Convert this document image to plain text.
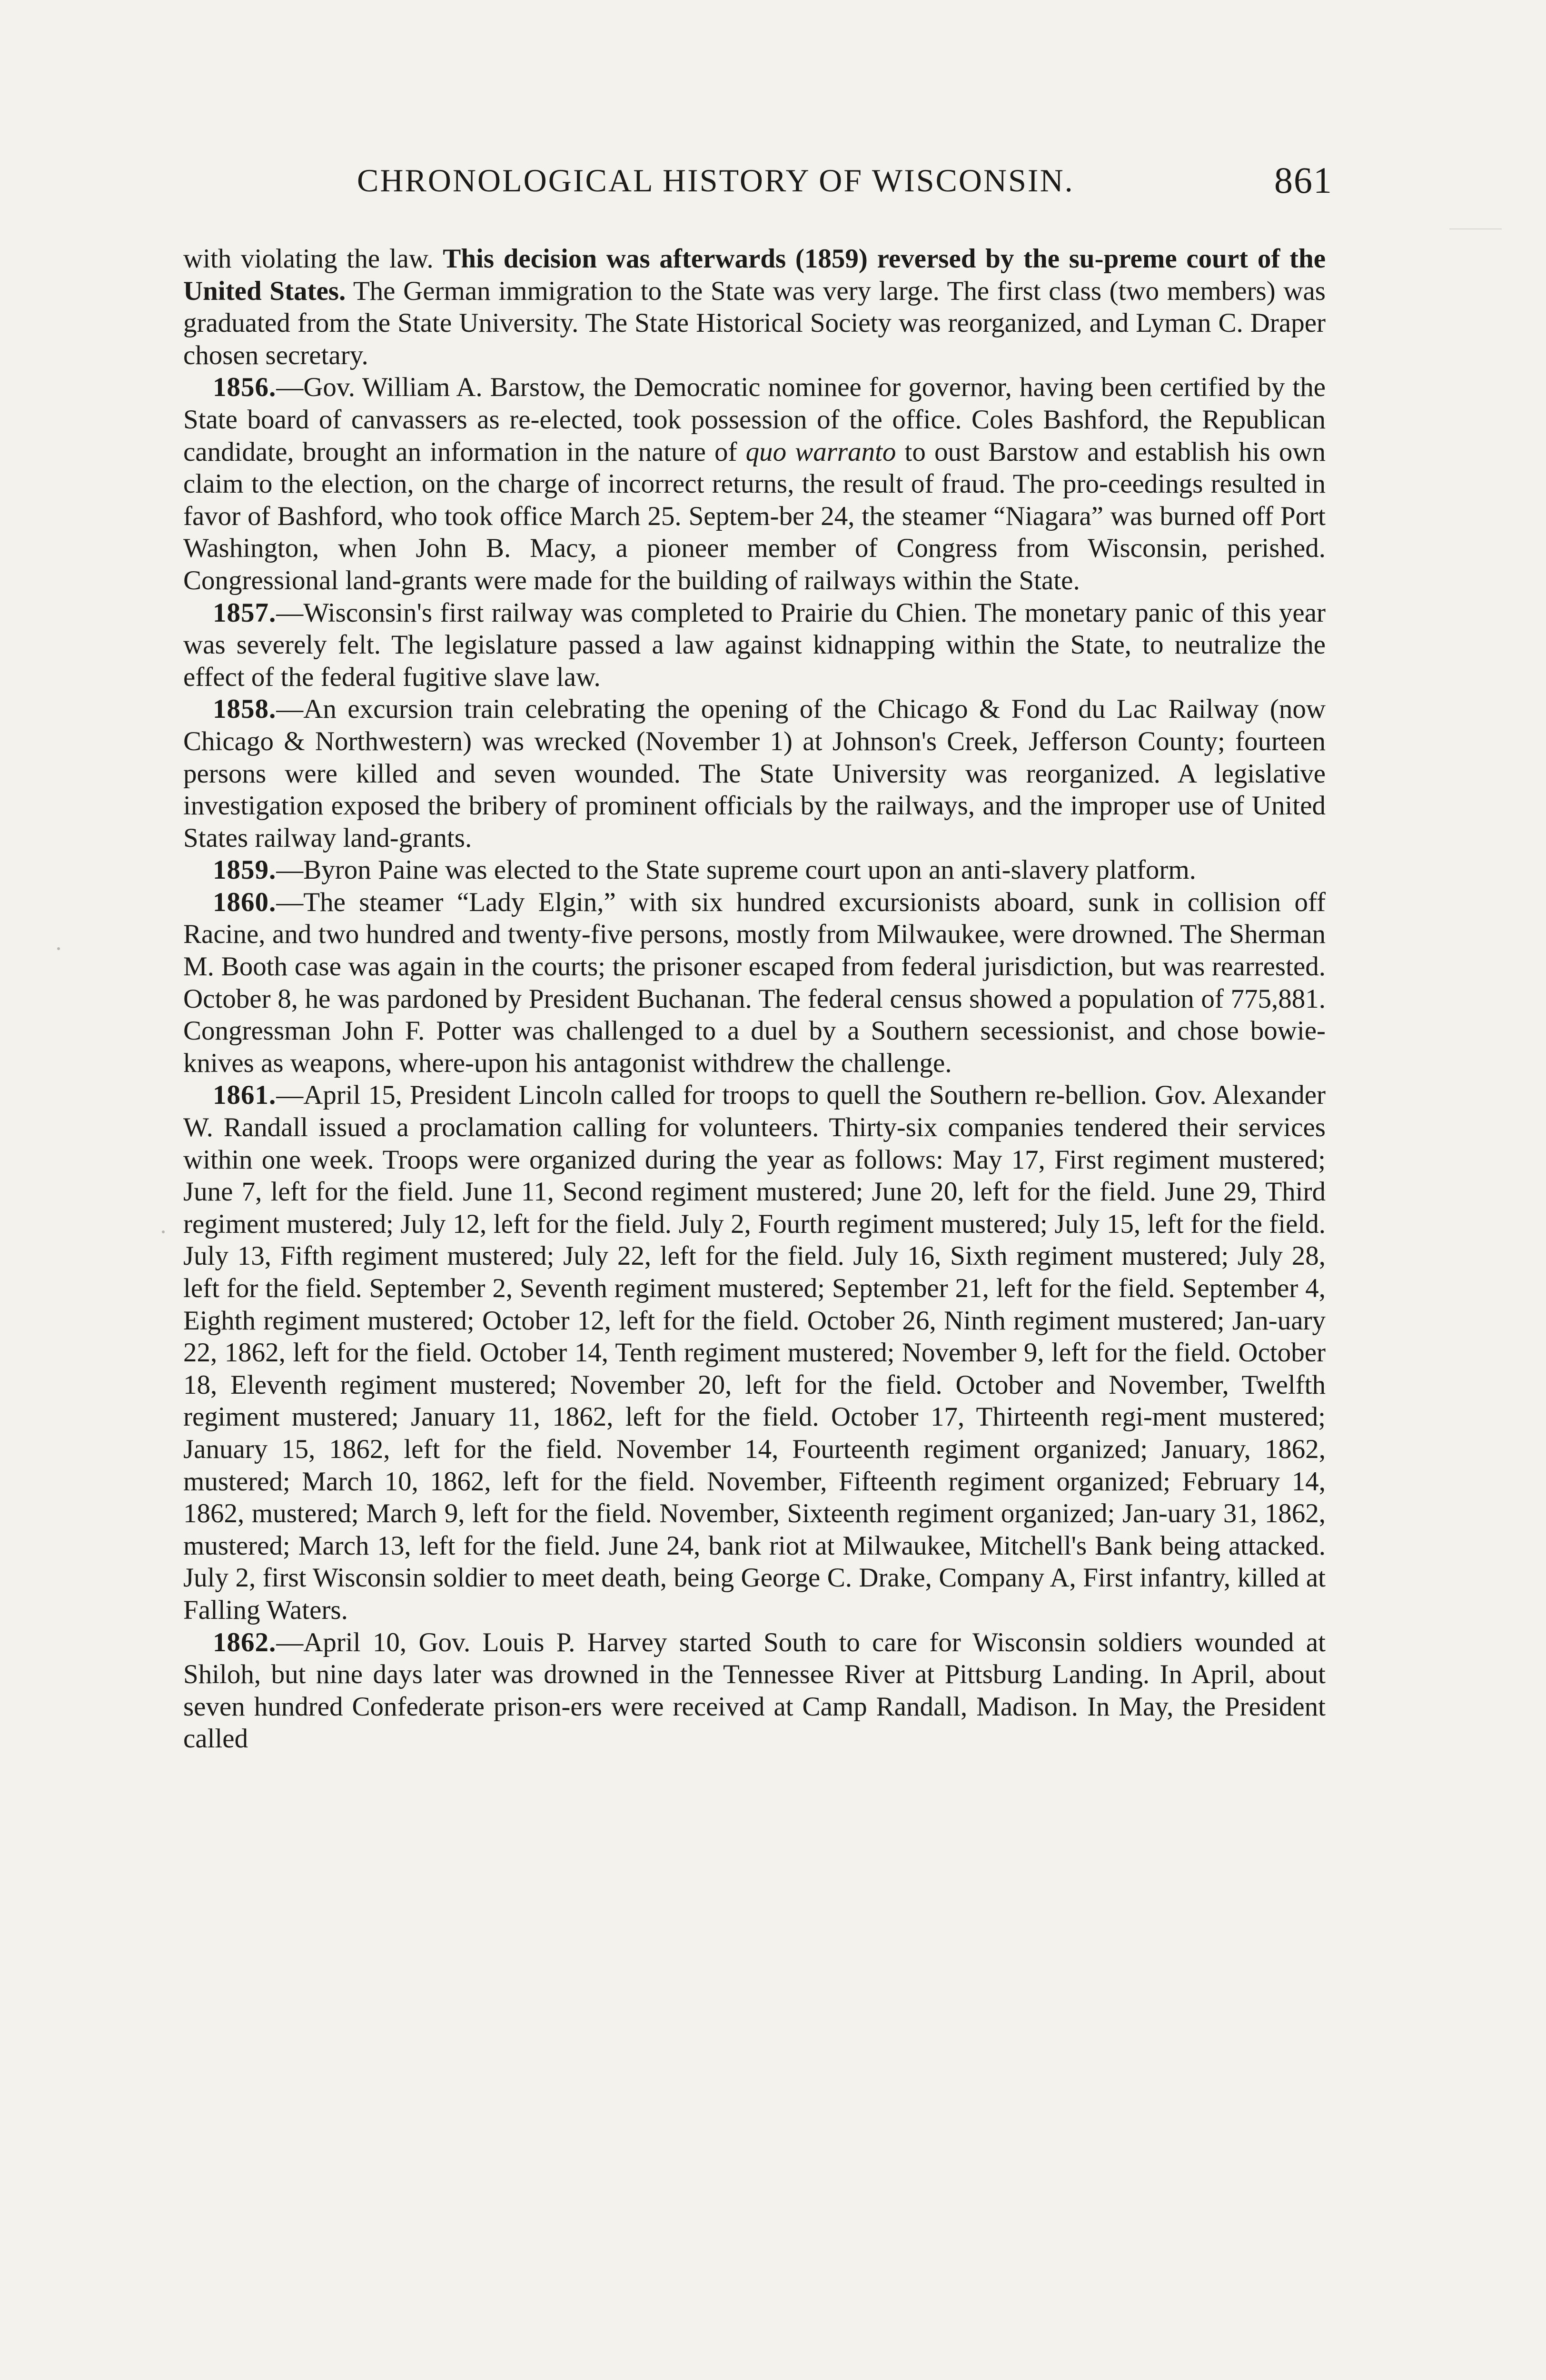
CHRONOLOGICAL HISTORY OF WISCONSIN.	861

with violating the law. This decision was afterwards (1859) reversed by the su-preme court of the United States. The German immigration to the State was very large. The first class (two members) was graduated from the State University. The State Historical Society was reorganized, and Lyman C. Draper chosen secretary.

1856.—Gov. William A. Barstow, the Democratic nominee for governor, having been certified by the State board of canvassers as re-elected, took possession of the office. Coles Bashford, the Republican candidate, brought an information in the nature of quo warranto to oust Barstow and establish his own claim to the election, on the charge of incorrect returns, the result of fraud. The pro-ceedings resulted in favor of Bashford, who took office March 25. Septem-ber 24, the steamer “Niagara” was burned off Port Washington, when John B. Macy, a pioneer member of Congress from Wisconsin, perished. Congressional land-grants were made for the building of railways within the State.

1857.—Wisconsin's first railway was completed to Prairie du Chien. The monetary panic of this year was severely felt. The legislature passed a law against kidnapping within the State, to neutralize the effect of the federal fugitive slave law.

1858.—An excursion train celebrating the opening of the Chicago & Fond du Lac Railway (now Chicago & Northwestern) was wrecked (November 1) at Johnson's Creek, Jefferson County; fourteen persons were killed and seven wounded. The State University was reorganized. A legislative investigation exposed the bribery of prominent officials by the railways, and the improper use of United States railway land-grants.

1859.—Byron Paine was elected to the State supreme court upon an anti-slavery platform.

1860.—The steamer “Lady Elgin,” with six hundred excursionists aboard, sunk in collision off Racine, and two hundred and twenty-five persons, mostly from Milwaukee, were drowned. The Sherman M. Booth case was again in the courts; the prisoner escaped from federal jurisdiction, but was rearrested. October 8, he was pardoned by President Buchanan. The federal census showed a population of 775,881. Congressman John F. Potter was challenged to a duel by a Southern secessionist, and chose bowie-knives as weapons, where-upon his antagonist withdrew the challenge.

1861.—April 15, President Lincoln called for troops to quell the Southern re-bellion. Gov. Alexander W. Randall issued a proclamation calling for volunteers. Thirty-six companies tendered their services within one week. Troops were organized during the year as follows: May 17, First regiment mustered; June 7, left for the field. June 11, Second regiment mustered; June 20, left for the field. June 29, Third regiment mustered; July 12, left for the field. July 2, Fourth regiment mustered; July 15, left for the field. July 13, Fifth regiment mustered; July 22, left for the field. July 16, Sixth regiment mustered; July 28, left for the field. September 2, Seventh regiment mustered; September 21, left for the field. September 4, Eighth regiment mustered; October 12, left for the field. October 26, Ninth regiment mustered; Jan-uary 22, 1862, left for the field. October 14, Tenth regiment mustered; November 9, left for the field. October 18, Eleventh regiment mustered; November 20, left for the field. October and November, Twelfth regiment mustered; January 11, 1862, left for the field. October 17, Thirteenth regi-ment mustered; January 15, 1862, left for the field. November 14, Fourteenth regiment organized; January, 1862, mustered; March 10, 1862, left for the field. November, Fifteenth regiment organized; February 14, 1862, mustered; March 9, left for the field. November, Sixteenth regiment organized; Jan-uary 31, 1862, mustered; March 13, left for the field. June 24, bank riot at Milwaukee, Mitchell's Bank being attacked. July 2, first Wisconsin soldier to meet death, being George C. Drake, Company A, First infantry, killed at Falling Waters.

1862.—April 10, Gov. Louis P. Harvey started South to care for Wisconsin soldiers wounded at Shiloh, but nine days later was drowned in the Tennessee River at Pittsburg Landing. In April, about seven hundred Confederate prison-ers were received at Camp Randall, Madison. In May, the President called
